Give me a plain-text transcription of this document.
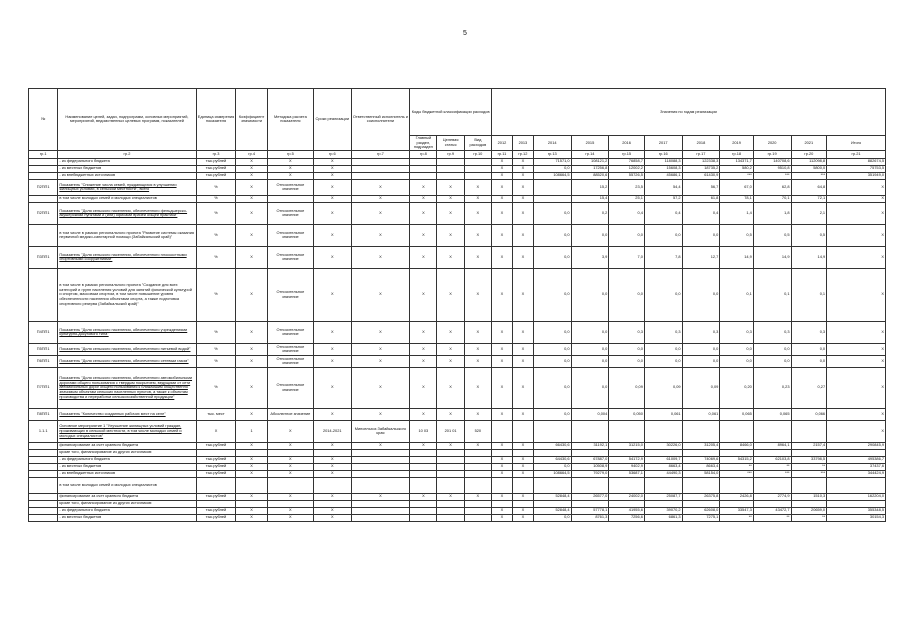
5
№	Наименование целей, задач, подпрограмм, основных мероприятий, мероприятий, ведомственных целевых программ, показателей	Единица измерения показателя	Коэффициент значимости	Методика расчета показателя	Сроки реализации	Ответственный исполнитель и соисполнители	Коды бюджетной классификации расходов			Значения по годам реализации										
							Главный раздел, подраздел	Целевая статья	Вид расходов	2012	2013	2014	2015	2016	2017	2018	2019	2020	2021		Итого
гр.1	гр.2	гр.3	гр.4	гр.5	гр.6	гр.7	гр.8	гр.9	гр.10	гр.11	гр.12	гр.13	гр.14	гр.15	гр.16	гр.17	гр.18	гр.19	гр.20		гр.21
	- из федерального бюджета	тыс.рублей	X	X	X					X	X	71571,0	108121,2	76858,7	118088,3	122338,3	134371,7	140708,6	112098,8		882674,5
	- из местных бюджетов	тыс.рублей	X	X	X					X	X	0,0	17256,8	12002,2	15608,3	18735,2	580,2	9510,8	5800,0		75753,5
	- из внебюджетных источников	тыс.рублей	X	X	X					X	X	108664,5	88520,6	55726,5	45686,1	61430,9	***	***	***		351949,0
П2ПП1	Показатель "Снижение числа семей, нуждающихся в улучшении жилищных условий, в сельской местности", всего	%	X	Относительное значение	X	X	X	X	X	X	X		15,2	23,5	54,4	56,7	67,0	62,8	64,8		X
	в том числе молодых семей и молодых специалистов	%	X		X	X	X	X	X	X	X		15,4	25,1	57,2	61,8	78,1	70,1	72,1		X
П2ПП1	Показатель "Доля сельского населения, обеспеченного фельдшерско-акушерскими пунктами и (или) офисами врачей общей практики"	%	X	Относительное значение	X	X	X	X	X	X	X	0,0	0,2	0,4	0,4	0,4	1,4	1,8	2,1		X
	в том числе в рамках регионального проекта "Развитие системы оказания первичной медико-санитарной помощи (Забайкальский край)"	%	X	Относительное значение	X	X	X	X	X	X	X	0,0	0,0	0,0	0,0	0,0	0,5	0,5	0,5		X
П3ПП1	Показатель "Доля сельского населения, обеспеченного плоскостными спортивными сооружениями"	%	X	Относительное значение	X	X	X	X	X	X	X	0,0	3,9	7,0	7,8	12,7	14,9	14,9	14,9		X
	в том числе в рамках регионального проекта "Создание для всех категорий и групп населения условий для занятий физической культурой и спортом, массовым спортом, в том числе повышение уровня обеспеченности населения объектами спорта, а также подготовка спортивного резерва (Забайкальский край)"	%	X	Относительное значение	X	X	X	X	X	X	X	0,0	0,0	0,0	0,0	0,0	0,1	0,1	0,1		X
П4ПП1	Показатель "Доля сельского населения, обеспеченного учреждениями культурно-досугового типа"	%	X	Относительное значение	X	X	X	X	X	X	X	0,0	0,0	0,3	0,3	0,3	0,3	0,3	0,3		X
П5ПП1	Показатель "Доля сельского населения, обеспеченного питьевой водой"	%	X	Относительное значение	X	X	X	X	X	X	X	0,0	0,0	0,0	0,0	0,0	0,0	0,0	0,0		X
П6ПП1	Показатель "Доля сельского населения, обеспеченного сетевым газом"	%	X	Относительное значение	X	X	X	X	X	X	X	0,0	0,0	0,0	0,0	0,0	0,0	0,0	0,0		X
П7ПП1	Показатель "Доля сельского населения, обеспеченного автомобильными дорогами общего пользования с твердым покрытием, ведущими от сети автомобильных дорог общего пользования к ближайшим общественно значимым объектам сельских населенных пунктов, а также к объектам производства и переработки сельскохозяйственной продукции"	%	X	Относительное значение	X	X	X	X	X	X	X	0,0	0,0	0,09	0,09	0,09	0,20	0,23	0,27		X
П8ПП1	Показатель "Количество созданных рабочих мест на селе"	тыс. мест	X	Абсолютное значение	X	X	X	X	X	X	X	0,0	0,004	0,050	0,061	0,061	0,065	0,065	0,066		X
1.1.1	Основное мероприятие 1 "Улучшение жилищных условий граждан, проживающих в сельской местности, в том числе молодых семей и молодых специалистов"	X	1	X	2014-2021	Минсельхоз Забайкальского края	10 03	201 01	520												X
	финансирование за счет краевого бюджета	тыс.рублей	X	X	X	X	X	X	X	X	X	66430,6	31192,1	31215,0	30226,0	31205,4	8466,0	8964,1	2157,4		290845,9
	кроме того, финансирование из других источников:																				
	- из федерального бюджета	тыс.рублей	X	X	X					X	X	64430,6	67887,0	54172,9	61009,7	74069,6	54315,2	62103,8	33798,5		495386,7
	- из местных бюджетов	тыс.рублей	X	X	X					X	X	0,0	10508,9	9402,9	8663,4	8663,4	**	**	**		37437,6
	- из внебюджетных источников	тыс.рублей	X	X	X					X	X	108664,5	79279,0	53687,1	44490,3	58154,0	***	***	***		344424,9
	в том числе молодых семей и молодых специалистов																				
	финансирование за счет краевого бюджета	тыс.рублей	X	X	X	X	X	X	X	X	X	52848,4	26577,0	24002,0	25087,7	26375,8	2426,8	2774,9	1510,3		162204,0
	кроме того, финансирование из других источников:																				
	- из федерального бюджета	тыс.рублей	X	X	X					X	X	52848,4	57778,1	41955,6	39070,2	62608,0	33547,3	43472,7	20659,0		355348,5
	- из местных бюджетов	тыс.рублей	X	X	X					X	X	0,0	8761,3	7256,6	6861,3	7275,1	**	**	**		30154,3
